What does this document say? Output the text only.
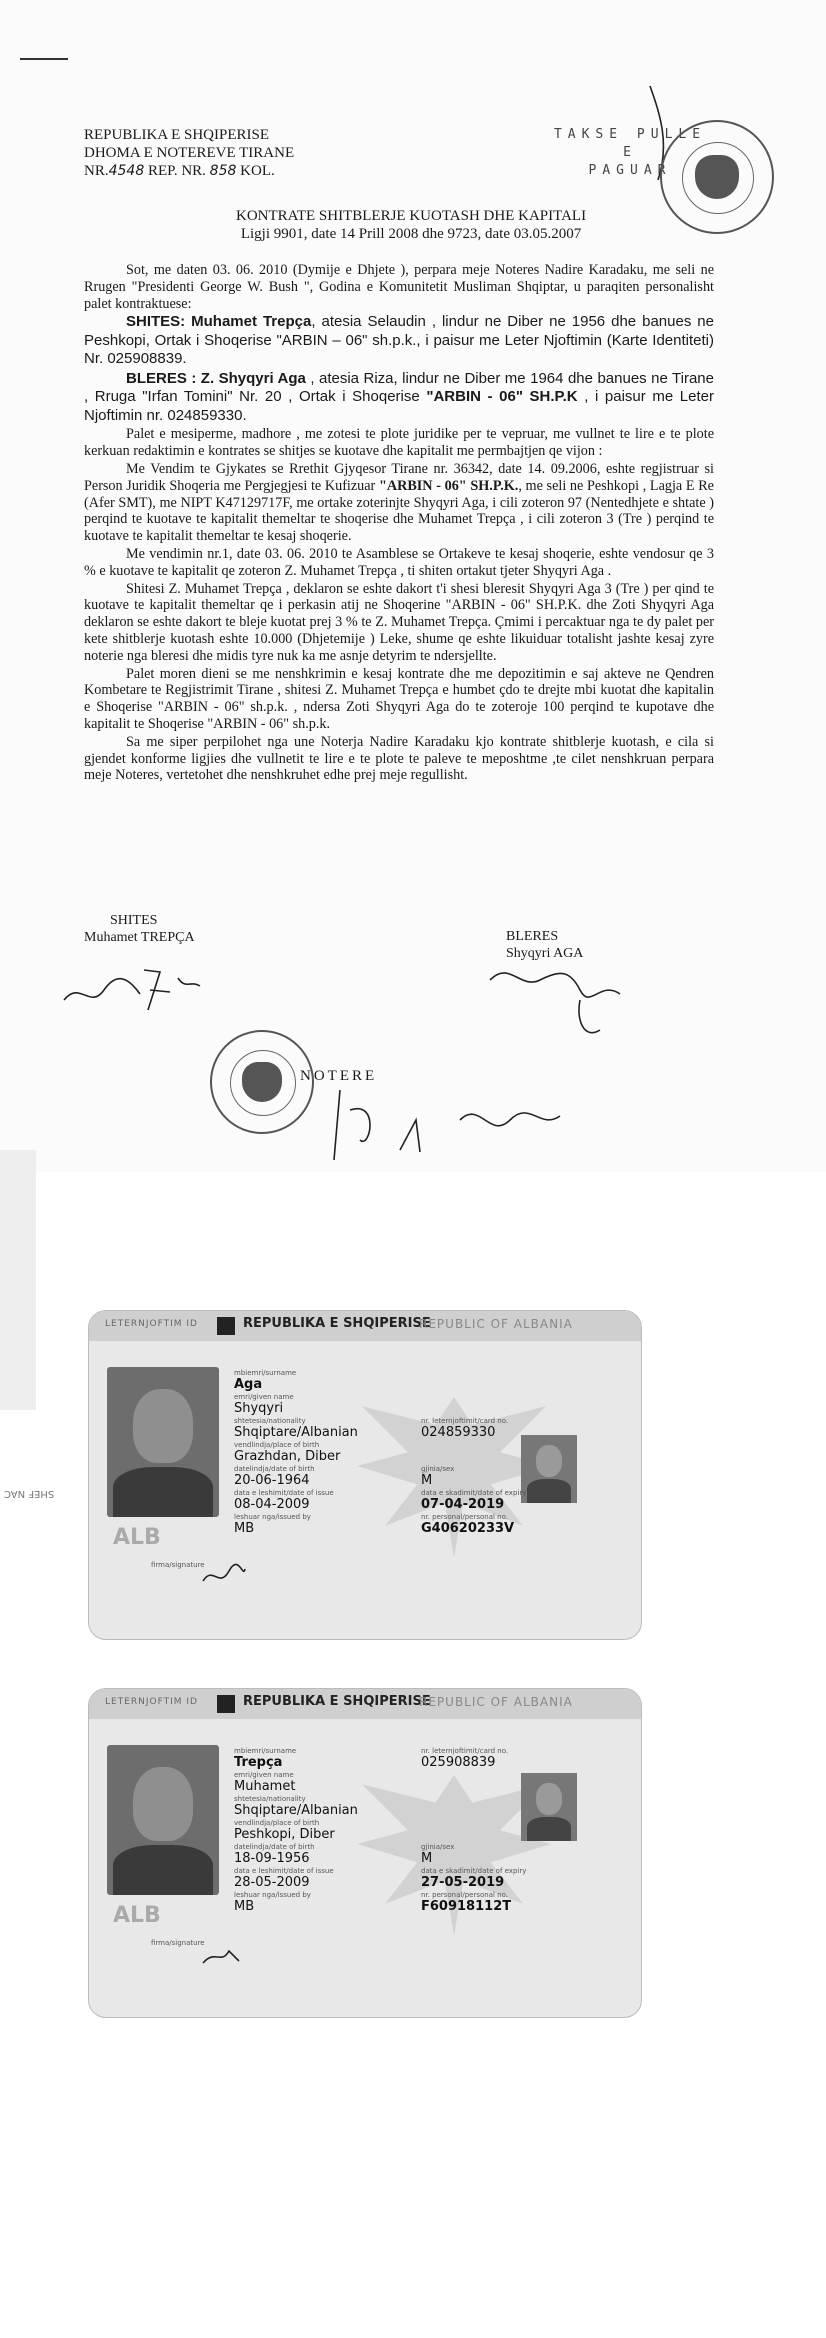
REPUBLIKA E SHQIPERISE
DHOMA E NOTEREVE TIRANE
NR.4548 REP. NR. 858 KOL.
TAKSE PULLE
E
PAGUAR
KONTRATE SHITBLERJE KUOTASH DHE KAPITALI
Ligji 9901, date 14 Prill 2008 dhe 9723, date 03.05.2007

Sot, me daten 03. 06. 2010 (Dymije e Dhjete ), perpara meje Noteres Nadire Karadaku, me seli ne Rrugen "Presidenti George W. Bush ", Godina e Komunitetit Musliman Shqiptar, u paraqiten personalisht palet kontraktuese:

SHITES: Muhamet Trepça, atesia Selaudin , lindur ne Diber ne 1956 dhe banues ne Peshkopi, Ortak i Shoqerise "ARBIN – 06" sh.p.k., i paisur me Leter Njoftimin (Karte Identiteti) Nr. 025908839.

BLERES : Z. Shyqyri Aga , atesia Riza, lindur ne Diber me 1964 dhe banues ne Tirane , Rruga "Irfan Tomini" Nr. 20 , Ortak i Shoqerise "ARBIN - 06" SH.P.K , i paisur me Leter Njoftimin nr. 024859330.

Palet e mesiperme, madhore , me zotesi te plote juridike per te vepruar, me vullnet te lire e te plote kerkuan redaktimin e kontrates se shitjes se kuotave dhe kapitalit me permbajtjen qe vijon :

Me Vendim te Gjykates se Rrethit Gjyqesor Tirane nr. 36342, date 14. 09.2006, eshte regjistruar si Person Juridik Shoqeria me Pergjegjesi te Kufizuar "ARBIN - 06" SH.P.K., me seli ne Peshkopi , Lagja E Re (Afer SMT), me NIPT K47129717F, me ortake zoterinjte Shyqyri Aga, i cili zoteron 97 (Nentedhjete e shtate ) perqind te kuotave te kapitalit themeltar te shoqerise dhe Muhamet Trepça , i cili zoteron 3 (Tre ) perqind te kuotave te kapitalit themeltar te kesaj shoqerie.

Me vendimin nr.1, date 03. 06. 2010 te Asamblese se Ortakeve te kesaj shoqerie, eshte vendosur qe 3 % e kuotave te kapitalit qe zoteron Z. Muhamet Trepça , ti shiten ortakut tjeter Shyqyri Aga .

Shitesi Z. Muhamet Trepça , deklaron se eshte dakort t'i shesi bleresit Shyqyri Aga 3 (Tre ) per qind te kuotave te kapitalit themeltar qe i perkasin atij ne Shoqerine "ARBIN - 06" SH.P.K. dhe Zoti Shyqyri Aga deklaron se eshte dakort te bleje kuotat prej 3 % te Z. Muhamet Trepça. Çmimi i percaktuar nga te dy palet per kete shitblerje kuotash eshte 10.000 (Dhjetemije ) Leke, shume qe eshte likuiduar totalisht jashte kesaj zyre noterie nga bleresi dhe midis tyre nuk ka me asnje detyrim te ndersjellte.

Palet moren dieni se me nenshkrimin e kesaj kontrate dhe me depozitimin e saj akteve ne Qendren Kombetare te Regjistrimit Tirane , shitesi Z. Muhamet Trepça e humbet çdo te drejte mbi kuotat dhe kapitalin e Shoqerise "ARBIN - 06" sh.p.k. , ndersa Zoti Shyqyri Aga do te zoteroje 100 perqind te kupotave dhe kapitalit te Shoqerise "ARBIN - 06" sh.p.k.

Sa me siper perpilohet nga une Noterja Nadire Karadaku kjo kontrate shitblerje kuotash, e cila si gjendet konforme ligjies dhe vullnetit te lire e te plote te paleve te meposhtme ,te cilet nenshkruan perpara meje Noteres, vertetohet dhe nenshkruhet edhe prej meje regullisht.

SHITES
Muhamet TREPÇA	BLERES
Shyqyri AGA
NOTERE
SHEF NAC
LETERNJOFTIM ID	REPUBLIKA E SHQIPERISE
REPUBLIC OF ALBANIA
ALB
firma/signature
mbiemri/surname
Aga
emri/given name
Shyqyri
shtetesia/nationality
Shqiptare/Albanian
vendlindja/place of birth
Grazhdan, Diber
datelindja/date of birth
20-06-1964
data e leshimit/date of issue
08-04-2009
leshuar nga/issued by
MB
nr. leternjoftimit/card no.
024859330
gjinia/sex
M
data e skadimit/date of expiry
07-04-2019
nr. personal/personal no.
G40620233V
LETERNJOFTIM ID	REPUBLIKA E SHQIPERISE
REPUBLIC OF ALBANIA
ALB
firma/signature
mbiemri/surname
Trepça
emri/given name
Muhamet
shtetesia/nationality
Shqiptare/Albanian
vendlindja/place of birth
Peshkopi, Diber
datelindja/date of birth
18-09-1956
data e leshimit/date of issue
28-05-2009
leshuar nga/issued by
MB
nr. leternjoftimit/card no.
025908839
gjinia/sex
M
data e skadimit/date of expiry
27-05-2019
nr. personal/personal no.
F60918112T
